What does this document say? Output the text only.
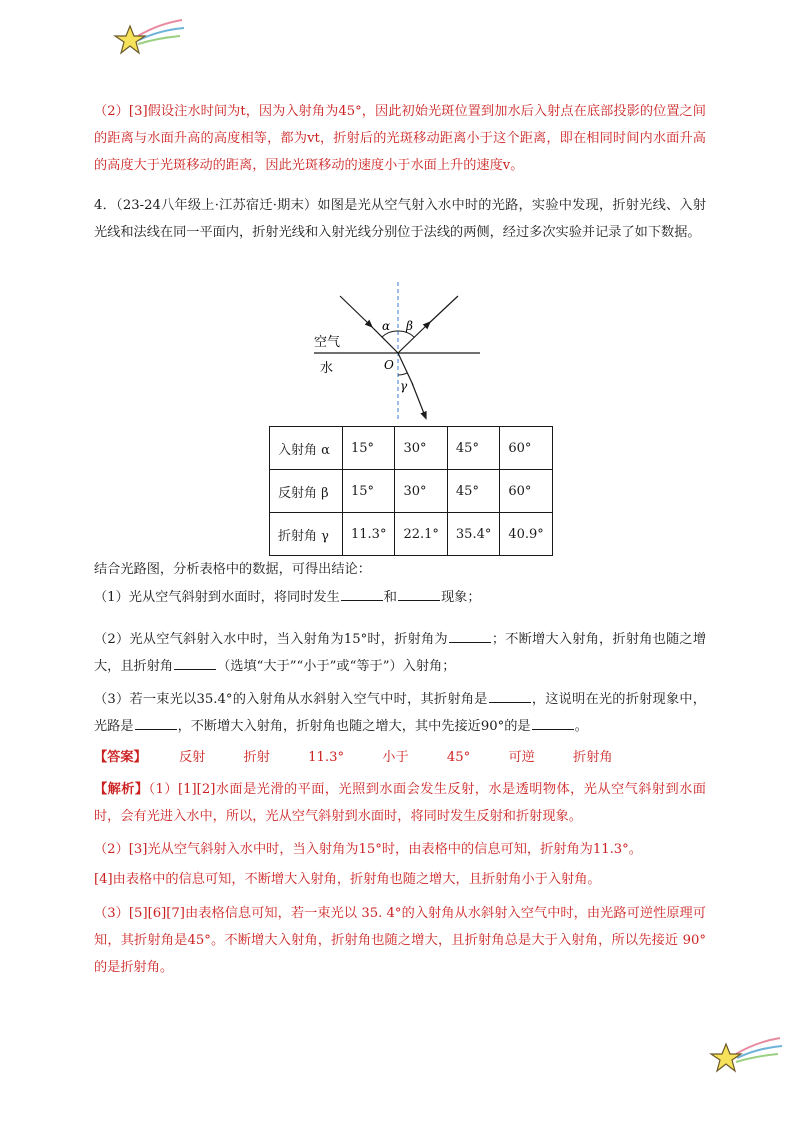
（2）[3]假设注水时间为t，因为入射角为45°，因此初始光斑位置到加水后入射点在底部投影的位置之间的距离与水面升高的高度相等，都为vt，折射后的光斑移动距离小于这个距离，即在相同时间内水面升高的高度大于光斑移动的距离，因此光斑移动的速度小于水面上升的速度v。

4．（23-24八年级上·江苏宿迁·期末）如图是光从空气射入水中时的光路，实验中发现，折射光线、入射光线和法线在同一平面内，折射光线和入射光线分别位于法线的两侧，经过多次实验并记录了如下数据。

α β
γ
O
空气
水
入射角 α	15°	30°	45°	60°
反射角 β	15°	30°	45°	60°
折射角 γ	11.3°	22.1°	35.4°	40.9°

结合光路图，分析表格中的数据，可得出结论：

（1）光从空气斜射到水面时，将同时发生	和	现象；

（2）光从空气斜射入水中时，当入射角为15°时，折射角为	；不断增大入射角，折射角也随之增大，且折射角	（选填“大于”“小于”或“等于”）入射角；

（3）若一束光以35.4°的入射角从水斜射入空气中时，其折射角是	，这说明在光的折射现象中，光路是	，不断增大入射角，折射角也随之增大，其中先接近90°的是	。

【答案】 反射	折射	11.3°	小于	45°	可逆	折射角

【解析】（1）[1][2]水面是光滑的平面，光照到水面会发生反射，水是透明物体，光从空气斜射到水面时，会有光进入水中，所以，光从空气斜射到水面时，将同时发生反射和折射现象。

（2）[3]光从空气斜射入水中时，当入射角为15°时，由表格中的信息可知，折射角为11.3°。

[4]由表格中的信息可知，不断增大入射角，折射角也随之增大，且折射角小于入射角。

（3）[5][6][7]由表格信息可知，若一束光以 35. 4°的入射角从水斜射入空气中时，由光路可逆性原理可知，其折射角是45°。不断增大入射角，折射角也随之增大，且折射角总是大于入射角，所以先接近 90°的是折射角。
